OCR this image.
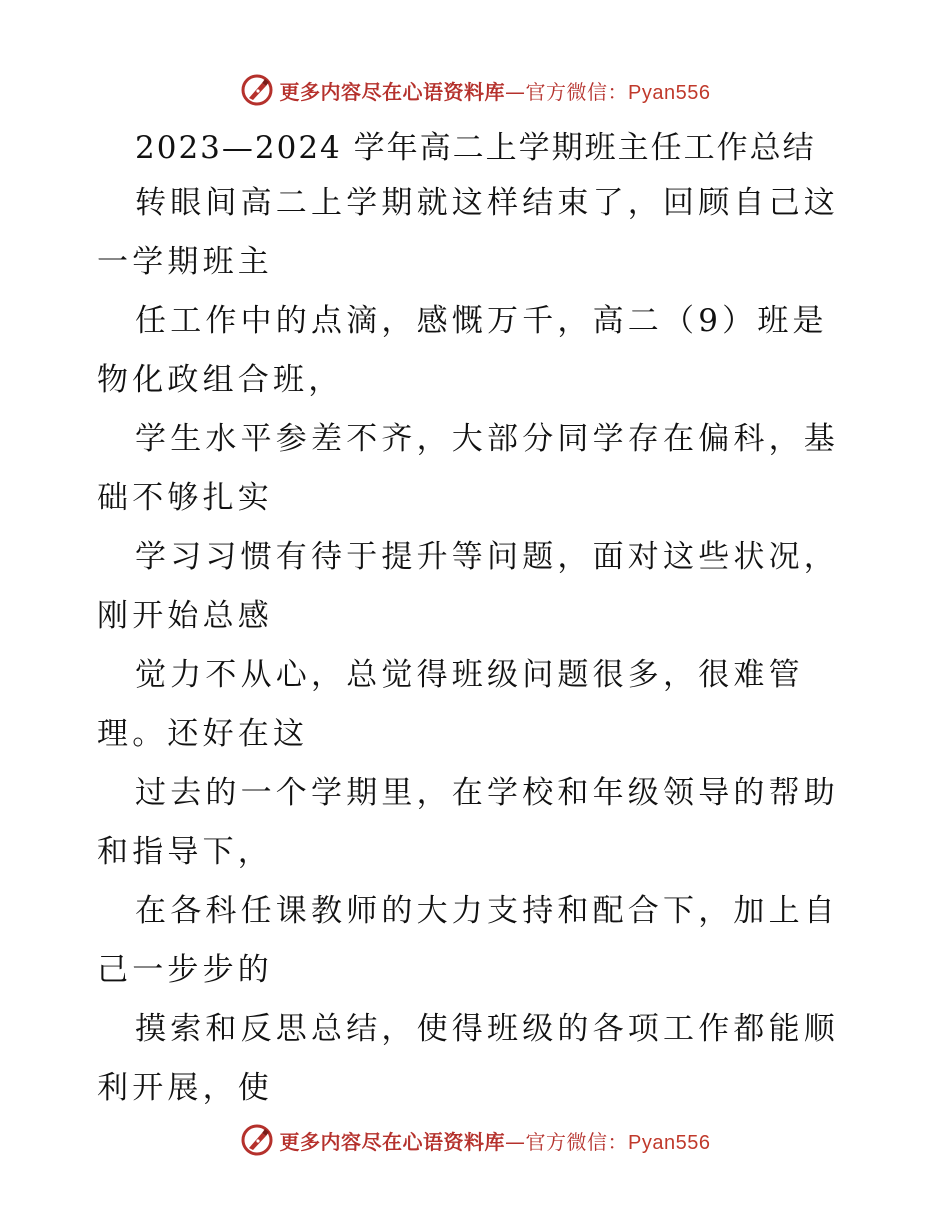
更多内容尽在心语资料库—官方微信：Pyan556
2023—2024 学年高二上学期班主任工作总结

转眼间高二上学期就这样结束了，回顾自己这一学期班主

任工作中的点滴，感慨万千，高二（9）班是物化政组合班，

学生水平参差不齐，大部分同学存在偏科，基础不够扎实

学习习惯有待于提升等问题，面对这些状况，刚开始总感

觉力不从心，总觉得班级问题很多，很难管理。还好在这

过去的一个学期里，在学校和年级领导的帮助和指导下，

在各科任课教师的大力支持和配合下，加上自己一步步的

摸索和反思总结，使得班级的各项工作都能顺利开展，使

更多内容尽在心语资料库—官方微信：Pyan556
